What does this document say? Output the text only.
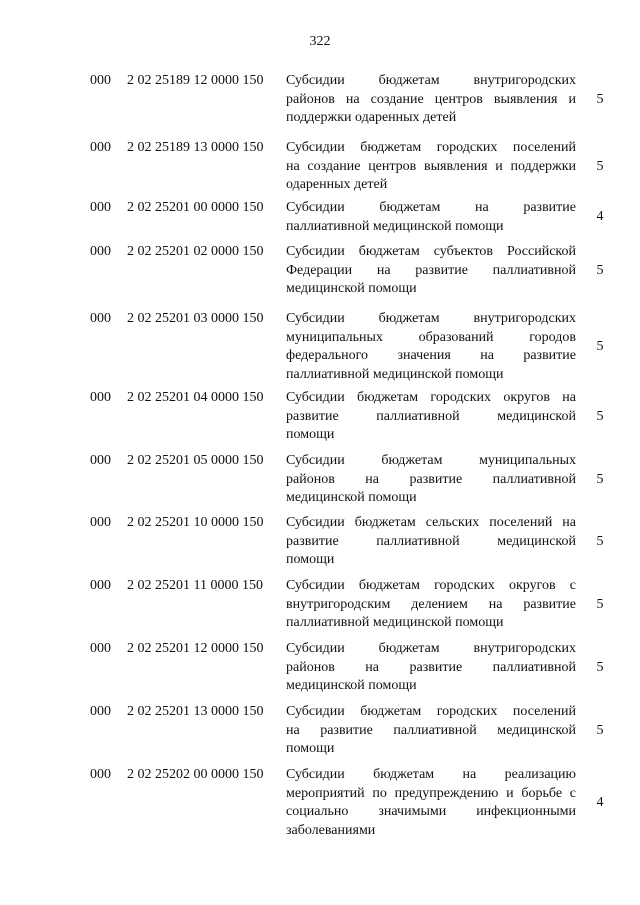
322
000 2 02 25189 12 0000 150 Субсидии бюджетам внутригородских
районов на создание центров выявления и
поддержки одаренных детей
5
000 2 02 25189 13 0000 150 Субсидии бюджетам городских поселений
на создание центров выявления и поддержки
одаренных детей
5
000 2 02 25201 00 0000 150 Субсидии бюджетам на развитие
паллиативной медицинской помощи
4
000 2 02 25201 02 0000 150 Субсидии бюджетам субъектов Российской
Федерации на развитие паллиативной
медицинской помощи
5
000 2 02 25201 03 0000 150 Субсидии бюджетам внутригородских
муниципальных образований городов
федерального значения на развитие
паллиативной медицинской помощи
5
000 2 02 25201 04 0000 150 Субсидии бюджетам городских округов на
развитие паллиативной медицинской
помощи
5
000 2 02 25201 05 0000 150 Субсидии бюджетам муниципальных
районов на развитие паллиативной
медицинской помощи
5
000 2 02 25201 10 0000 150 Субсидии бюджетам сельских поселений на
развитие паллиативной медицинской
помощи
5
000 2 02 25201 11 0000 150 Субсидии бюджетам городских округов с
внутригородским делением на развитие
паллиативной медицинской помощи
5
000 2 02 25201 12 0000 150 Субсидии бюджетам внутригородских
районов на развитие паллиативной
медицинской помощи
5
000 2 02 25201 13 0000 150 Субсидии бюджетам городских поселений
на развитие паллиативной медицинской
помощи
5
000 2 02 25202 00 0000 150 Субсидии бюджетам на реализацию
мероприятий по предупреждению и борьбе с
социально значимыми инфекционными
заболеваниями
4
